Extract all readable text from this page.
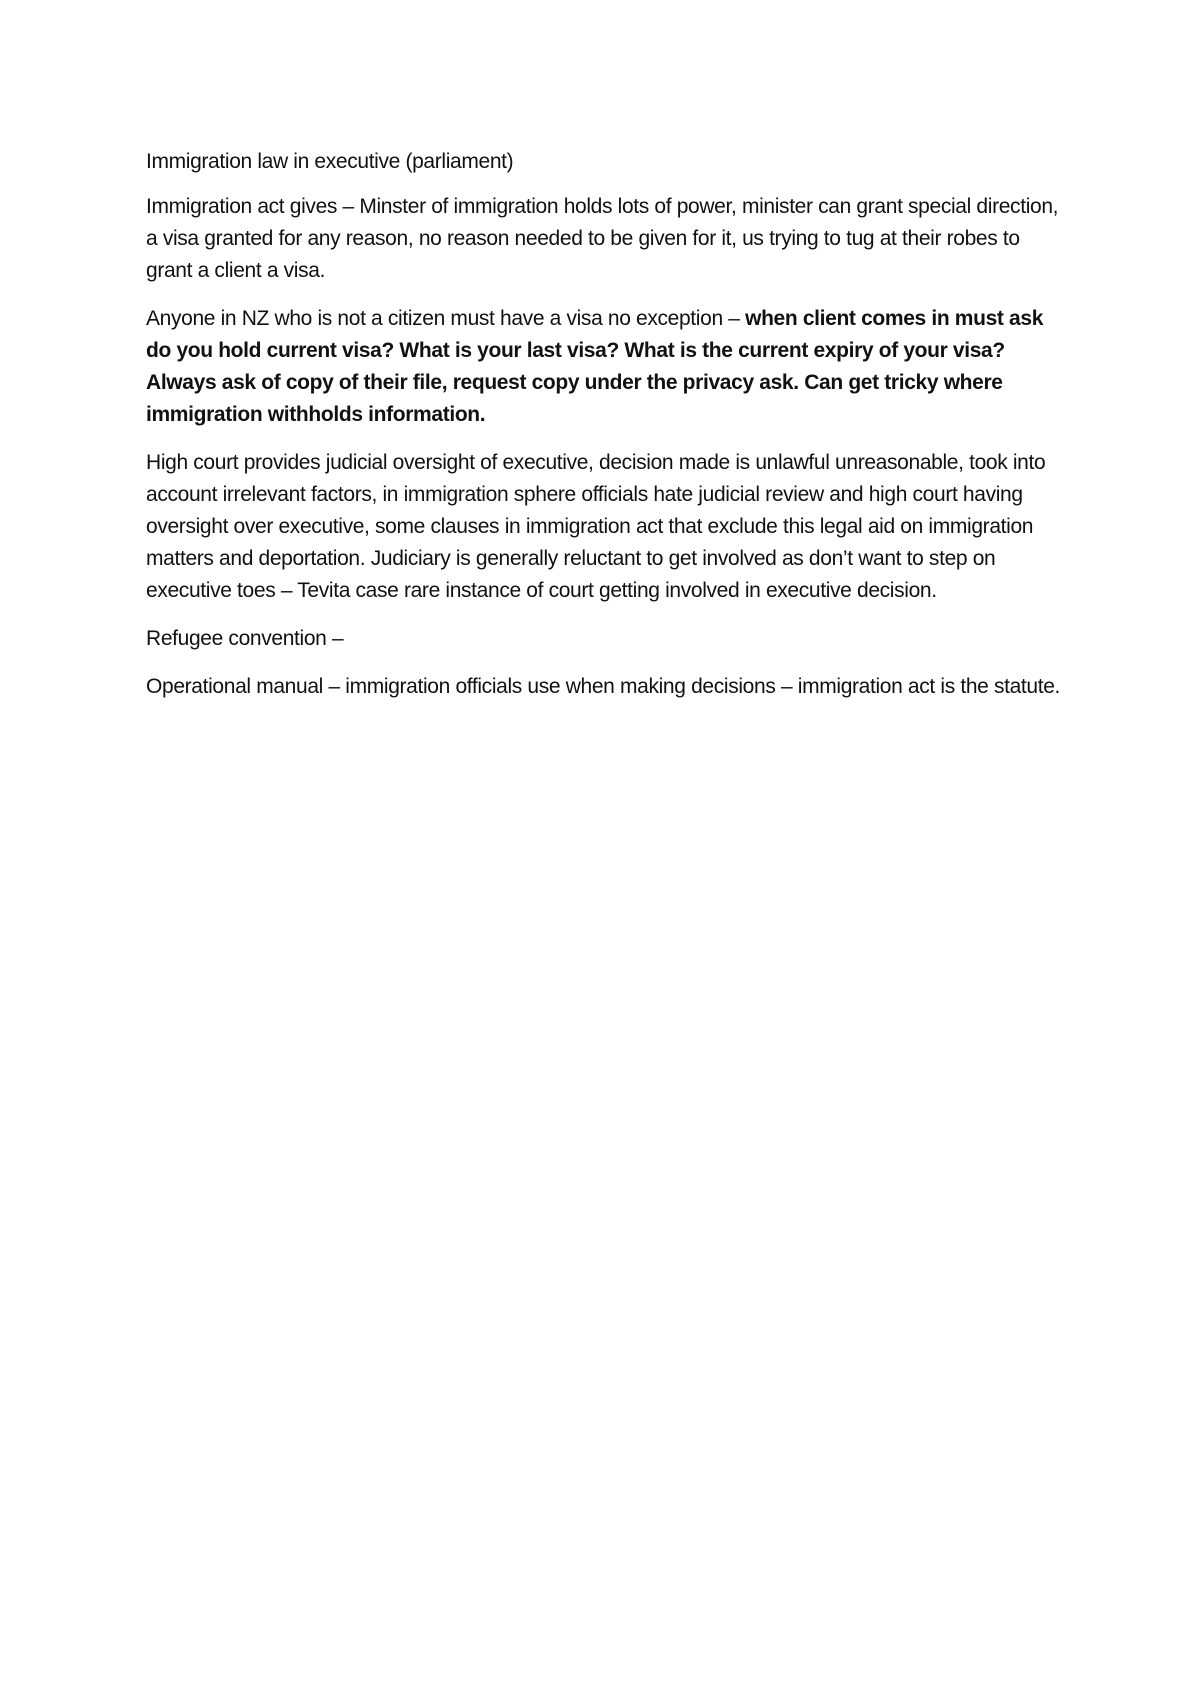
Immigration law in executive (parliament)

Immigration act gives – Minster of immigration holds lots of power, minister can grant special direction, a visa granted for any reason, no reason needed to be given for it, us trying to tug at their robes to grant a client a visa.

Anyone in NZ who is not a citizen must have a visa no exception – when client comes in must ask do you hold current visa? What is your last visa? What is the current expiry of your visa? Always ask of copy of their file, request copy under the privacy ask. Can get tricky where immigration withholds information.

High court provides judicial oversight of executive, decision made is unlawful unreasonable, took into account irrelevant factors, in immigration sphere officials hate judicial review and high court having oversight over executive, some clauses in immigration act that exclude this legal aid on immigration matters and deportation. Judiciary is generally reluctant to get involved as don’t want to step on executive toes – Tevita case rare instance of court getting involved in executive decision.

Refugee convention –

Operational manual – immigration officials use when making decisions – immigration act is the statute.
